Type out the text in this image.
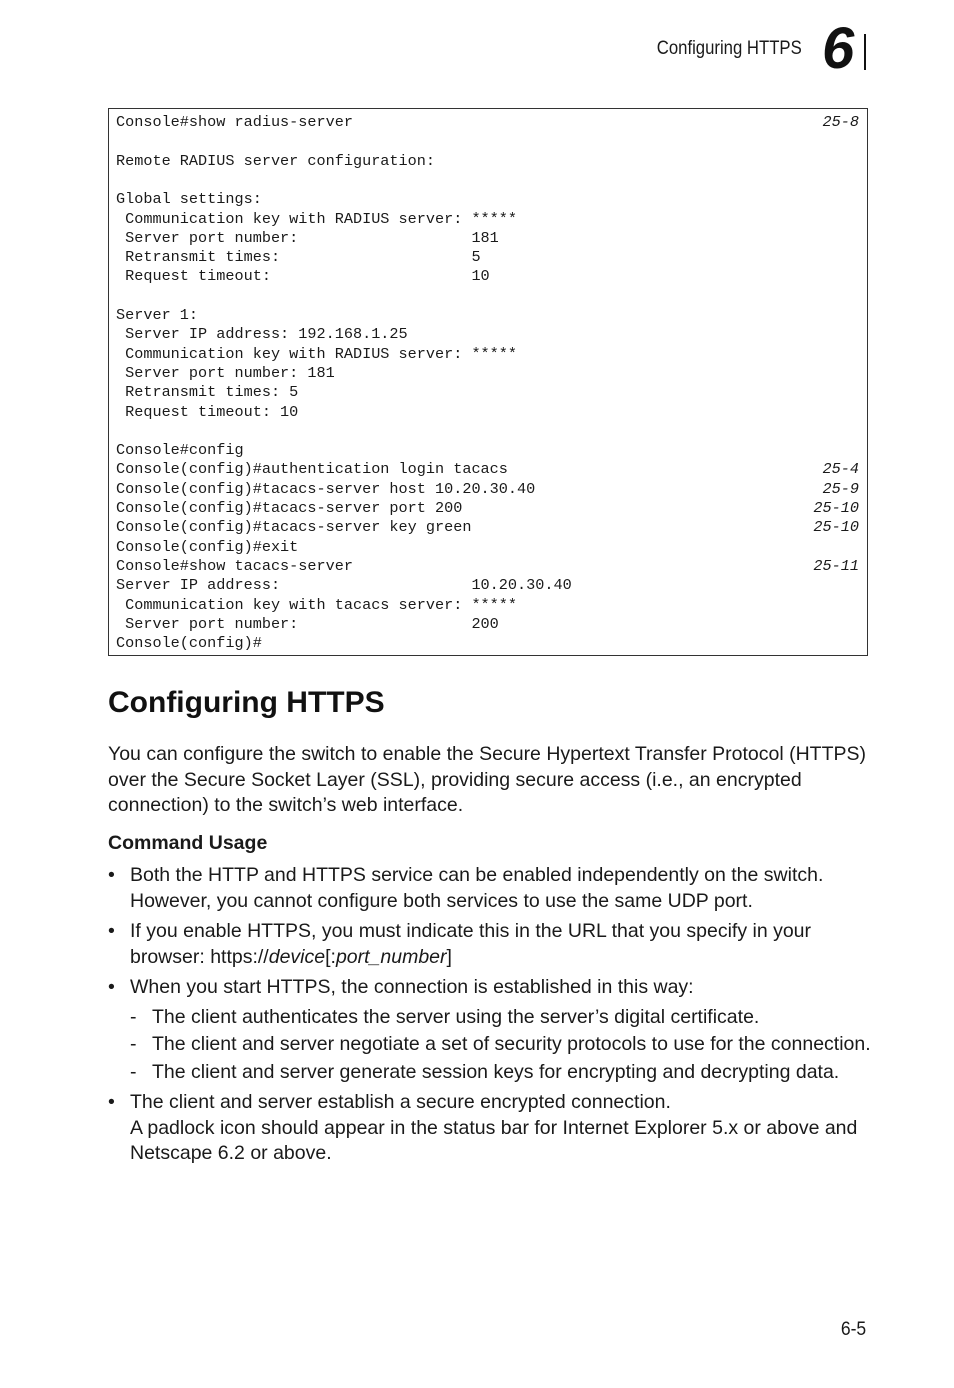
Configuring HTTPS 6
Console#show radius-server	25-8
Remote RADIUS server configuration:
Global settings:
Communication key with RADIUS server: *****
Server port number:                   181
Retransmit times:                     5
Request timeout:                      10
Server 1:
Server IP address: 192.168.1.25
Communication key with RADIUS server: *****
Server port number: 181
Retransmit times: 5
Request timeout: 10
Console#config
Console(config)#authentication login tacacs	25-4
Console(config)#tacacs-server host 10.20.30.40	25-9
Console(config)#tacacs-server port 200	25-10
Console(config)#tacacs-server key green	25-10
Console(config)#exit
Console#show tacacs-server	25-11
Server IP address:                     10.20.30.40
Communication key with tacacs server: *****
Server port number:                   200
Console(config)#
Configuring HTTPS

You can configure the switch to enable the Secure Hypertext Transfer Protocol (HTTPS) over the Secure Socket Layer (SSL), providing secure access (i.e., an encrypted connection) to the switch’s web interface.

Command Usage

• Both the HTTP and HTTPS service can be enabled independently on the switch. However, you cannot configure both services to use the same UDP port.
• If you enable HTTPS, you must indicate this in the URL that you specify in your browser: https://device[:port_number]
• When you start HTTPS, the connection is established in this way:
- The client authenticates the server using the server’s digital certificate.
- The client and server negotiate a set of security protocols to use for the connection.
- The client and server generate session keys for encrypting and decrypting data.
• The client and server establish a secure encrypted connection.
A padlock icon should appear in the status bar for Internet Explorer 5.x or above and Netscape 6.2 or above.
6-5
